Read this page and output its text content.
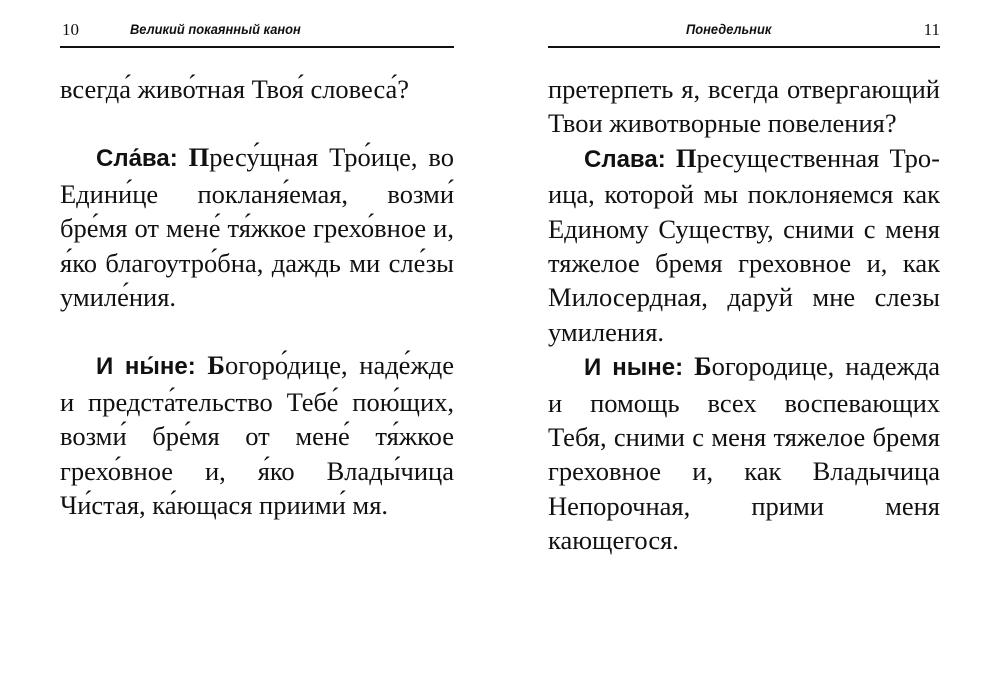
10	Великий покаянный канон

всегда́ живо́тная Твоя́ словеса́?

Сла́ва: Пресу́щная Тро́ице, во Едини́це покланя́емая, возми́ бре́мя от мене́ тя́жкое грехо́вное и, я́ко благоутро́бна, даждь ми сле́зы умиле́ния.

И ны́не: Богоро́дице, наде́жде и предста́тельство Тебе́ пою́щих, возми́ бре́мя от мене́ тя́жкое грехо́вное и, я́ко Влады́чица Чи́стая, ка́ющася приими́ мя.

Понедельник	11

претерпеть я, всегда отвергающий Твои животворные повеления?

Слава: Пресущественная Троица, которой мы поклоняемся как Единому Существу, сними с меня тяжелое бремя греховное и, как Милосердная, даруй мне слезы умиления.

И ныне: Богородице, надежда и помощь всех воспевающих Тебя, сними с меня тяжелое бремя греховное и, как Владычица Непорочная, прими меня кающегося.
